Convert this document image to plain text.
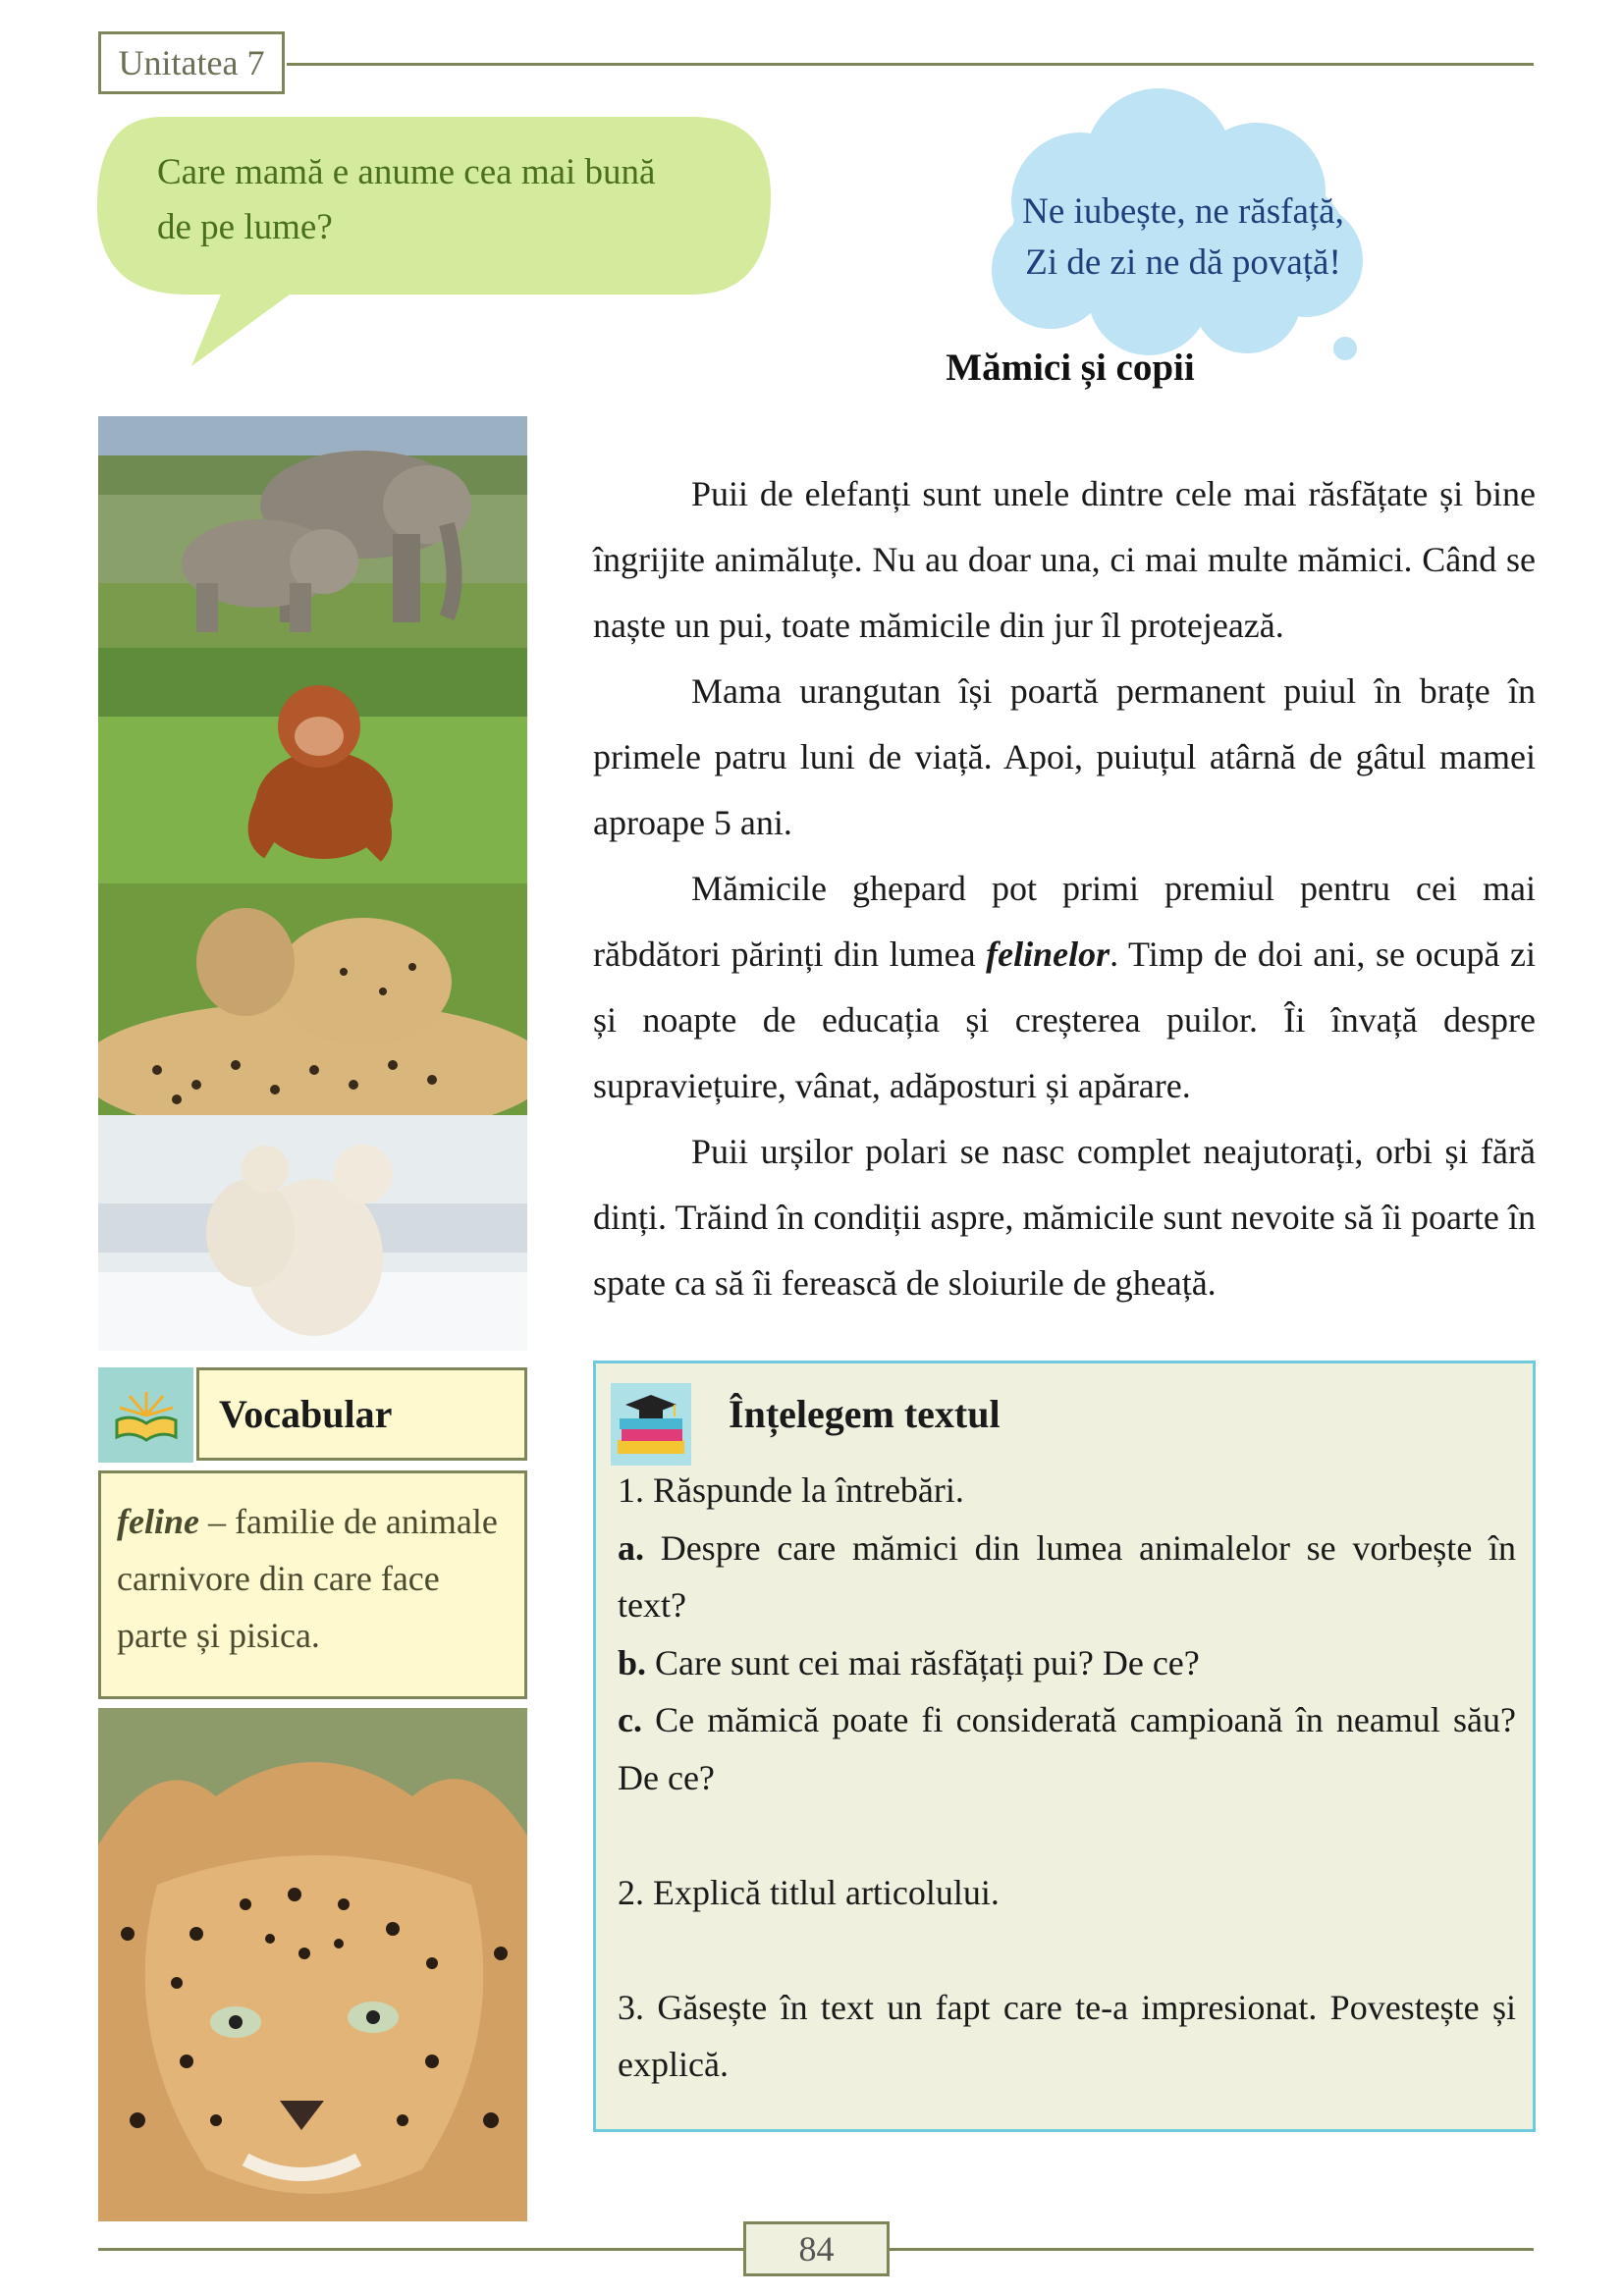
Unitatea 7
Care mamă e anume cea mai bună
de pe lume?	Ne iubește, ne răsfață,
Zi de zi ne dă povață!
Mămici și copii

Puii de elefanți sunt unele dintre cele mai răsfățate și bine îngrijite animăluțe. Nu au doar una, ci mai multe mămici. Când se naște un pui, toate mămicile din jur îl protejează.

Mama urangutan își poartă permanent puiul în brațe în primele patru luni de viață. Apoi, puiuțul atârnă de gâtul mamei aproape 5 ani.

Mămicile ghepard pot primi premiul pentru cei mai răbdători părinți din lumea felinelor. Timp de doi ani, se ocupă zi și noapte de educația și creșterea puilor. Îi învață despre supraviețuire, vânat, adăposturi și apărare.

Puii urșilor polari se nasc complet neajutorați, orbi și fără dinți. Trăind în condiții aspre, mămicile sunt nevoite să îi poarte în spate ca să îi ferească de sloiurile de gheață.

Vocabular
feline – familie de animale carnivore din care face parte și pisica.
Înțelegem textul

1. Răspunde la întrebări.

a. Despre care mămici din lumea animalelor se vorbește în text?

b. Care sunt cei mai răsfățați pui? De ce?

c. Ce mămică poate fi considerată campioană în neamul său? De ce?

2. Explică titlul articolului.

3. Găsește în text un fapt care te-a impresionat. Povestește și explică.

84
